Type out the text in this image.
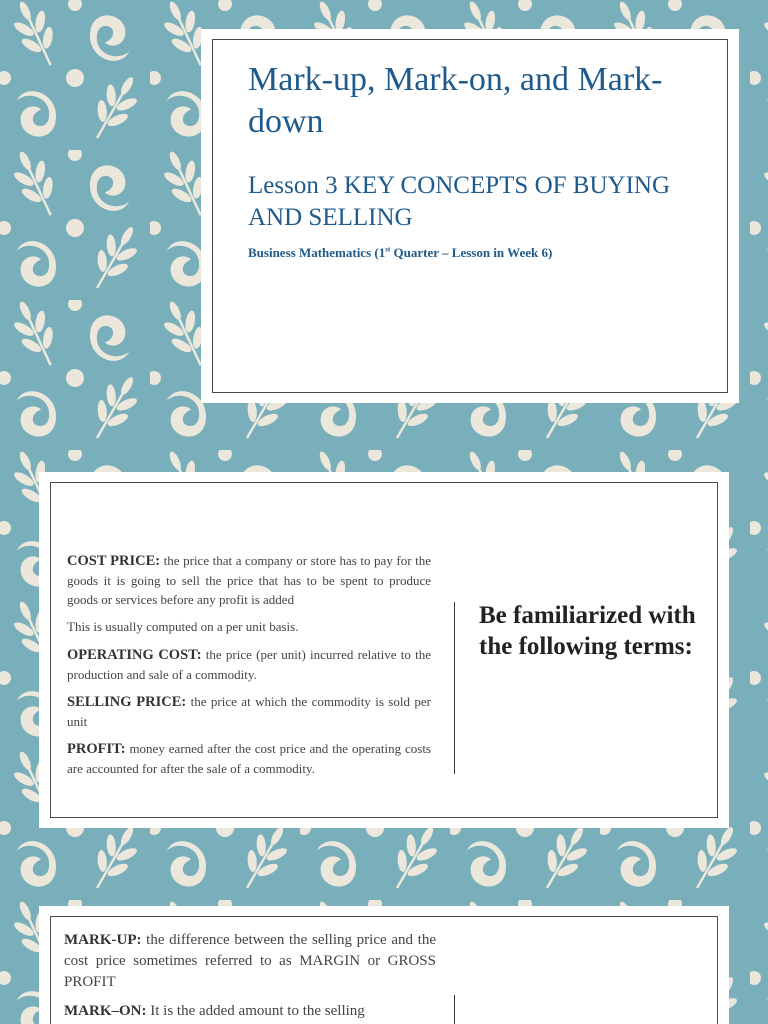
Mark-up, Mark-on, and Mark-down
Lesson 3 KEY CONCEPTS OF BUYING AND SELLING

Business Mathematics (1st Quarter – Lesson in Week 6)

COST PRICE: the price that a company or store has to pay for the goods it is going to sell the price that has to be spent to produce goods or services before any profit is added

This is usually computed on a per unit basis.

OPERATING COST: the price (per unit) incurred relative to the production and sale of a commodity.

SELLING PRICE: the price at which the commodity is sold per unit

PROFIT: money earned after the cost price and the operating costs are accounted for after the sale of a commodity.

Be familiarized with the following terms:

MARK-UP: the difference between the selling price and the cost price sometimes referred to as MARGIN or GROSS PROFIT

MARK–ON: It is the added amount to the selling
